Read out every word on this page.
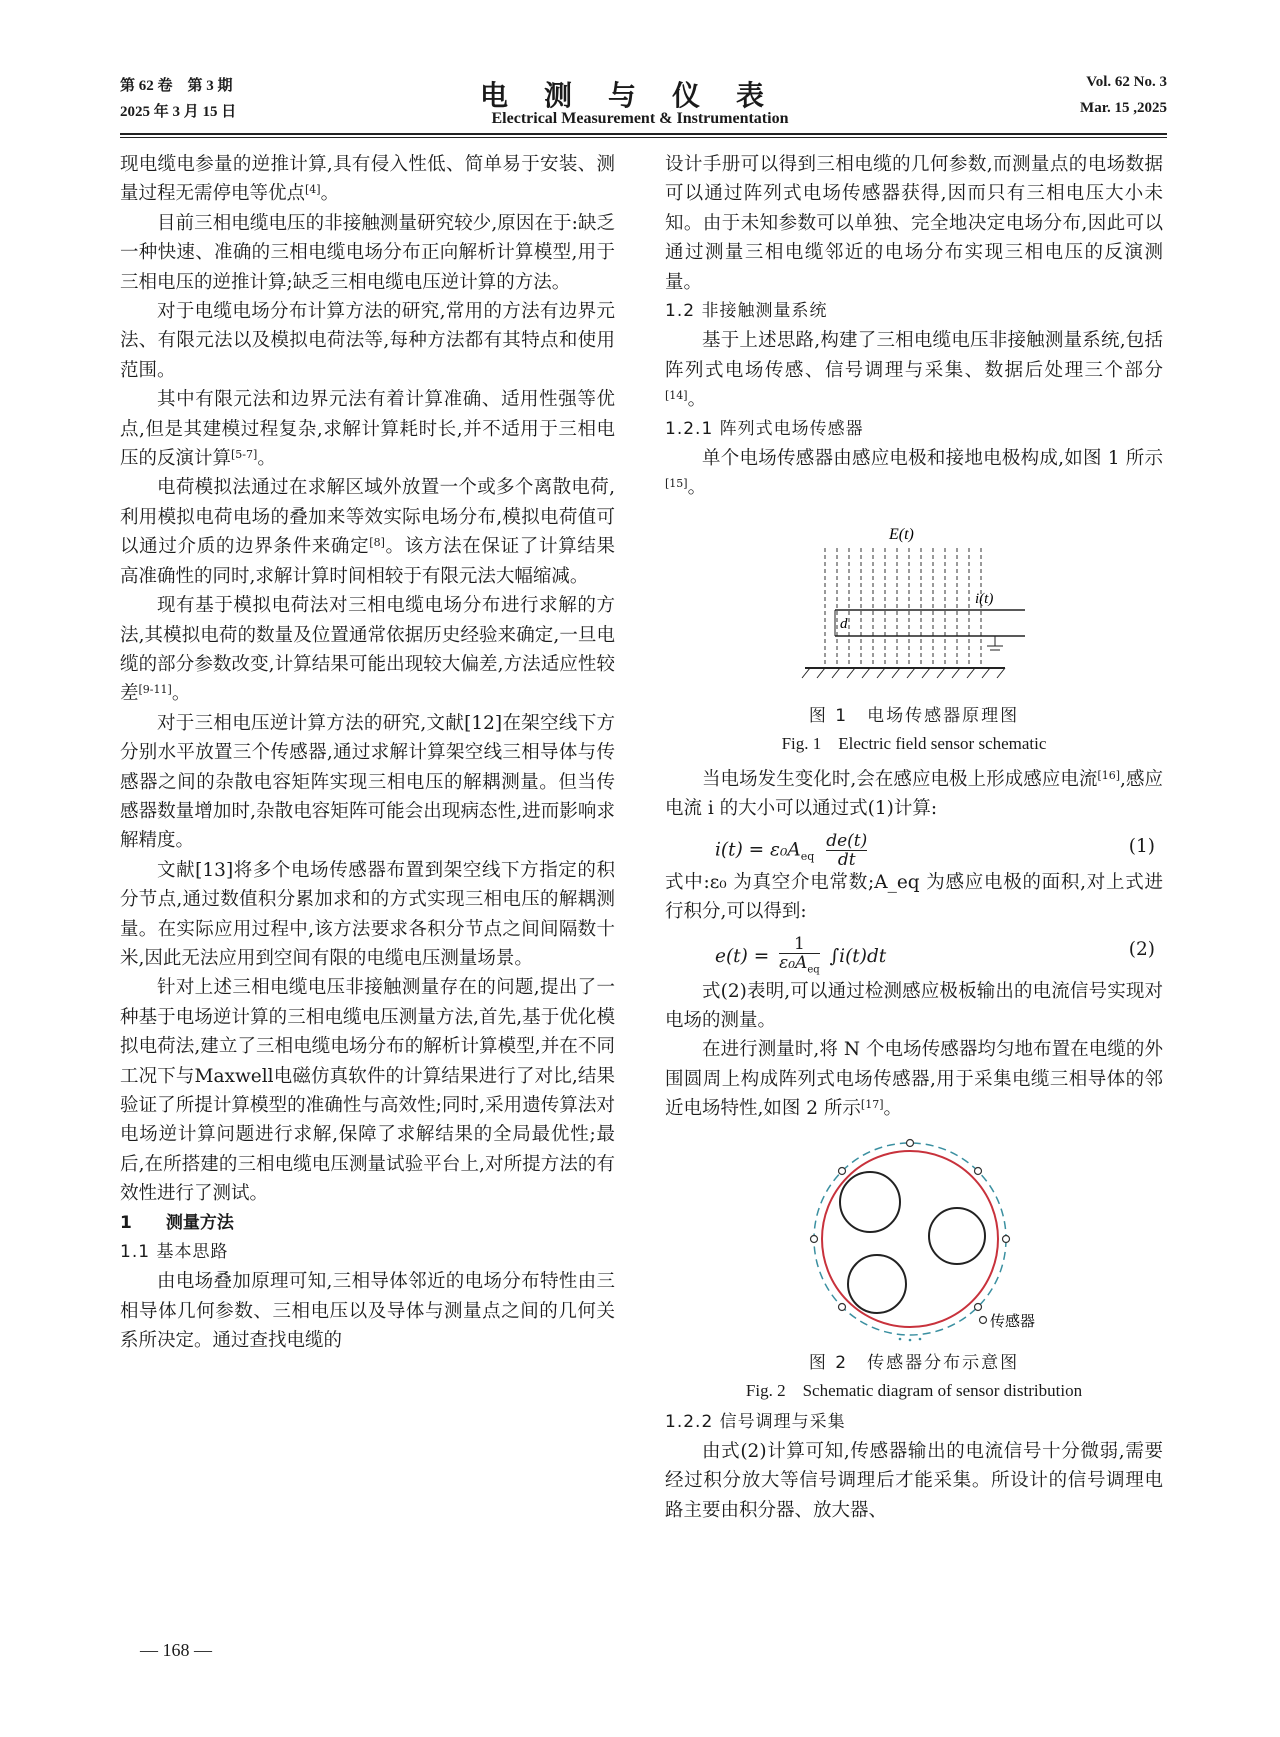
第 62 卷　第 3 期
2025 年 3 月 15 日	电测与仪表
Electrical Measurement & Instrumentation
Vol. 62 No. 3
Mar. 15 ,2025

现电缆电参量的逆推计算,具有侵入性低、简单易于安装、测量过程无需停电等优点[4]。

目前三相电缆电压的非接触测量研究较少,原因在于:缺乏一种快速、准确的三相电缆电场分布正向解析计算模型,用于三相电压的逆推计算;缺乏三相电缆电压逆计算的方法。

对于电缆电场分布计算方法的研究,常用的方法有边界元法、有限元法以及模拟电荷法等,每种方法都有其特点和使用范围。

其中有限元法和边界元法有着计算准确、适用性强等优点,但是其建模过程复杂,求解计算耗时长,并不适用于三相电压的反演计算[5-7]。

电荷模拟法通过在求解区域外放置一个或多个离散电荷,利用模拟电荷电场的叠加来等效实际电场分布,模拟电荷值可以通过介质的边界条件来确定[8]。该方法在保证了计算结果高准确性的同时,求解计算时间相较于有限元法大幅缩减。

现有基于模拟电荷法对三相电缆电场分布进行求解的方法,其模拟电荷的数量及位置通常依据历史经验来确定,一旦电缆的部分参数改变,计算结果可能出现较大偏差,方法适应性较差[9-11]。

对于三相电压逆计算方法的研究,文献[12]在架空线下方分别水平放置三个传感器,通过求解计算架空线三相导体与传感器之间的杂散电容矩阵实现三相电压的解耦测量。但当传感器数量增加时,杂散电容矩阵可能会出现病态性,进而影响求解精度。

文献[13]将多个电场传感器布置到架空线下方指定的积分节点,通过数值积分累加求和的方式实现三相电压的解耦测量。在实际应用过程中,该方法要求各积分节点之间间隔数十米,因此无法应用到空间有限的电缆电压测量场景。

针对上述三相电缆电压非接触测量存在的问题,提出了一种基于电场逆计算的三相电缆电压测量方法,首先,基于优化模拟电荷法,建立了三相电缆电场分布的解析计算模型,并在不同工况下与Maxwell电磁仿真软件的计算结果进行了对比,结果验证了所提计算模型的准确性与高效性;同时,采用遗传算法对电场逆计算问题进行求解,保障了求解结果的全局最优性;最后,在所搭建的三相电缆电压测量试验平台上,对所提方法的有效性进行了测试。

1　　测量方法

1.1 基本思路

由电场叠加原理可知,三相导体邻近的电场分布特性由三相导体几何参数、三相电压以及导体与测量点之间的几何关系所决定。通过查找电缆的

设计手册可以得到三相电缆的几何参数,而测量点的电场数据可以通过阵列式电场传感器获得,因而只有三相电压大小未知。由于未知参数可以单独、完全地决定电场分布,因此可以通过测量三相电缆邻近的电场分布实现三相电压的反演测量。

1.2 非接触测量系统

基于上述思路,构建了三相电缆电压非接触测量系统,包括阵列式电场传感、信号调理与采集、数据后处理三个部分[14]。

1.2.1 阵列式电场传感器

单个电场传感器由感应电极和接地电极构成,如图 1 所示[15]。

E(t)
i(t)
d

图 1　电场传感器原理图

Fig. 1　Electric field sensor schematic

当电场发生变化时,会在感应电极上形成感应电流[16],感应电流 i 的大小可以通过式(1)计算:

$i(t) = \varepsilon_0A_{eq} \frac{de(t)}{dt}$	(1)

式中:ε₀ 为真空介电常数;A_eq 为感应电极的面积,对上式进行积分,可以得到:

e(t) =
1
$\varepsilon_0A_{eq}$
∫i(t)dt	(2)

式(2)表明,可以通过检测感应极板输出的电流信号实现对电场的测量。

在进行测量时,将 N 个电场传感器均匀地布置在电缆的外围圆周上构成阵列式电场传感器,用于采集电缆三相导体的邻近电场特性,如图 2 所示[17]。

传感器

图 2　传感器分布示意图

Fig. 2　Schematic diagram of sensor distribution

1.2.2 信号调理与采集

由式(2)计算可知,传感器输出的电流信号十分微弱,需要经过积分放大等信号调理后才能采集。所设计的信号调理电路主要由积分器、放大器、

— 168 —
